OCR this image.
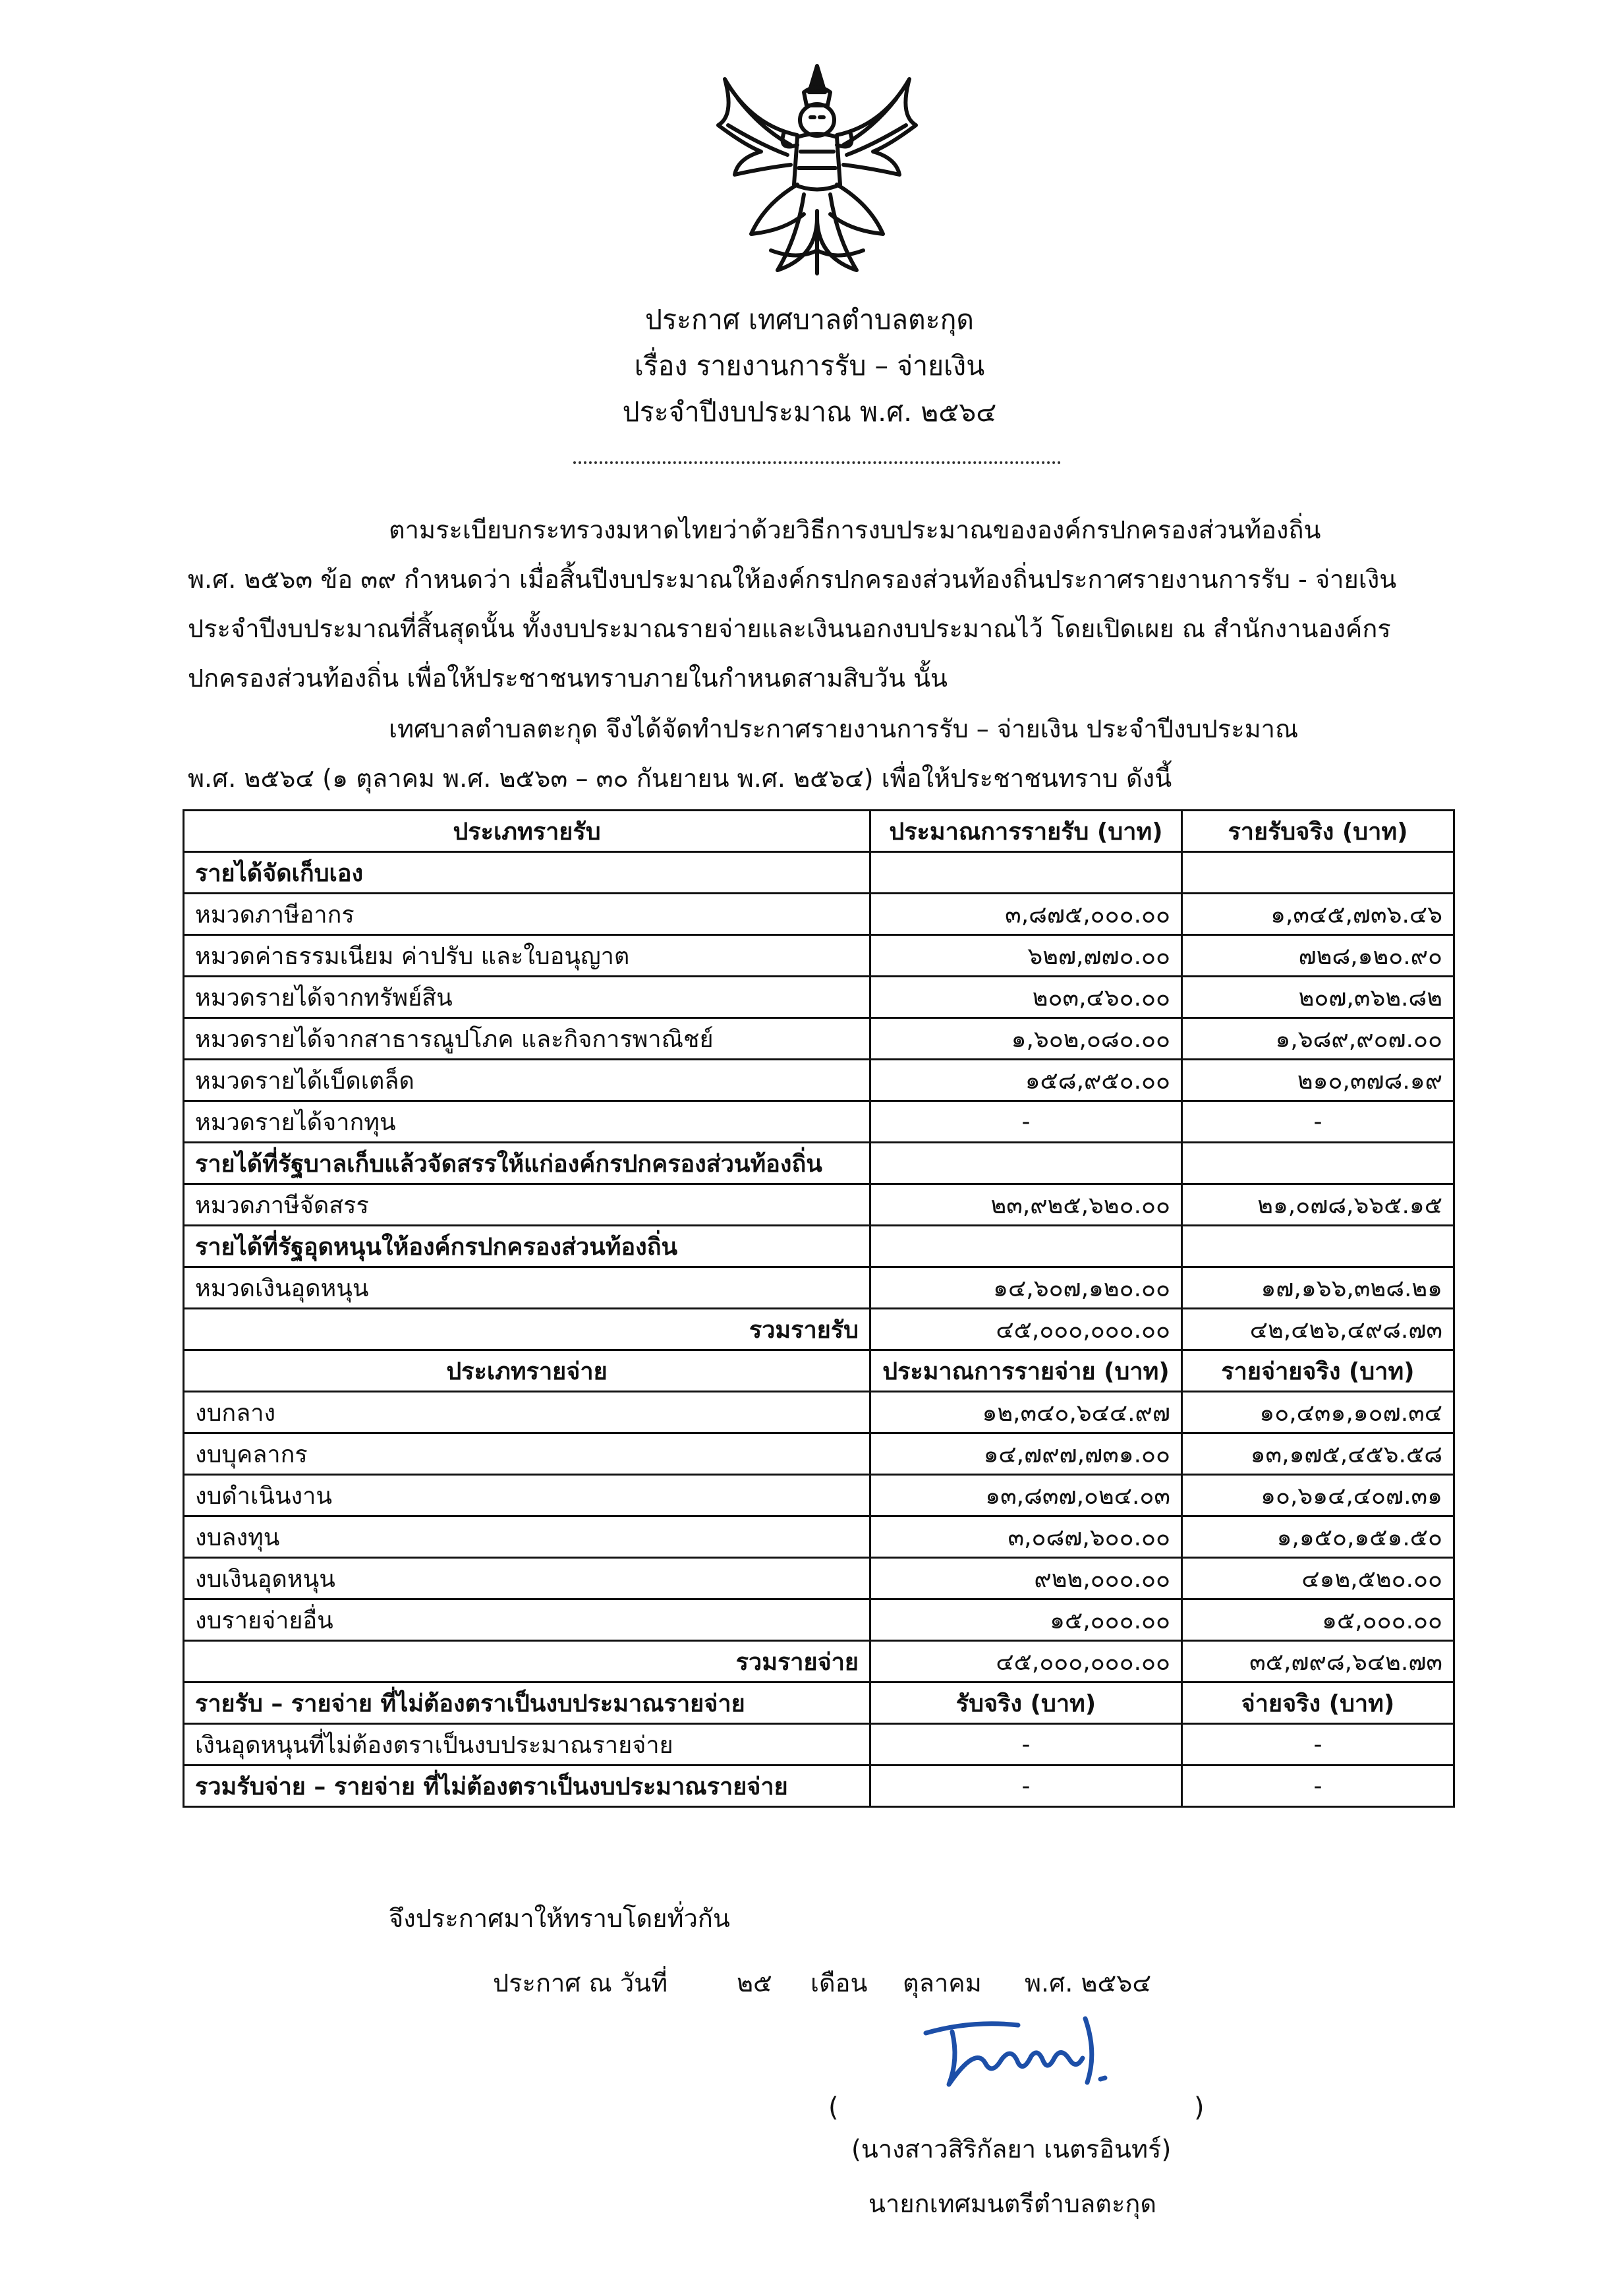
ประกาศ เทศบาลตำบลตะกุด
เรื่อง รายงานการรับ – จ่ายเงิน
ประจำปีงบประมาณ พ.ศ. ๒๕๖๔
ตามระเบียบกระทรวงมหาดไทยว่าด้วยวิธีการงบประมาณขององค์กรปกครองส่วนท้องถิ่น
พ.ศ. ๒๕๖๓ ข้อ ๓๙ กำหนดว่า เมื่อสิ้นปีงบประมาณให้องค์กรปกครองส่วนท้องถิ่นประกาศรายงานการรับ - จ่ายเงิน
ประจำปีงบประมาณที่สิ้นสุดนั้น ทั้งงบประมาณรายจ่ายและเงินนอกงบประมาณไว้ โดยเปิดเผย ณ สำนักงานองค์กร
ปกครองส่วนท้องถิ่น เพื่อให้ประชาชนทราบภายในกำหนดสามสิบวัน นั้น
เทศบาลตำบลตะกุด จึงได้จัดทำประกาศรายงานการรับ – จ่ายเงิน ประจำปีงบประมาณ
พ.ศ. ๒๕๖๔ (๑ ตุลาคม พ.ศ. ๒๕๖๓ – ๓๐ กันยายน พ.ศ. ๒๕๖๔) เพื่อให้ประชาชนทราบ ดังนี้
ประเภทรายรับ	ประมาณการรายรับ (บาท)	รายรับจริง (บาท)
รายได้จัดเก็บเอง		
หมวดภาษีอากร	๓,๘๗๕,๐๐๐.๐๐	๑,๓๔๕,๗๓๖.๔๖
หมวดค่าธรรมเนียม ค่าปรับ และใบอนุญาต	๖๒๗,๗๗๐.๐๐	๗๒๘,๑๒๐.๙๐
หมวดรายได้จากทรัพย์สิน	๒๐๓,๔๖๐.๐๐	๒๐๗,๓๖๒.๘๒
หมวดรายได้จากสาธารณูปโภค และกิจการพาณิชย์	๑,๖๐๒,๐๘๐.๐๐	๑,๖๘๙,๙๐๗.๐๐
หมวดรายได้เบ็ดเตล็ด	๑๕๘,๙๕๐.๐๐	๒๑๐,๓๗๘.๑๙
หมวดรายได้จากทุน	-	-
รายได้ที่รัฐบาลเก็บแล้วจัดสรรให้แก่องค์กรปกครองส่วนท้องถิ่น		
หมวดภาษีจัดสรร	๒๓,๙๒๕,๖๒๐.๐๐	๒๑,๐๗๘,๖๖๕.๑๕
รายได้ที่รัฐอุดหนุนให้องค์กรปกครองส่วนท้องถิ่น		
หมวดเงินอุดหนุน	๑๔,๖๐๗,๑๒๐.๐๐	๑๗,๑๖๖,๓๒๘.๒๑
รวมรายรับ	๔๕,๐๐๐,๐๐๐.๐๐	๔๒,๔๒๖,๔๙๘.๗๓
ประเภทรายจ่าย	ประมาณการรายจ่าย (บาท)	รายจ่ายจริง (บาท)
งบกลาง	๑๒,๓๔๐,๖๔๔.๙๗	๑๐,๔๓๑,๑๐๗.๓๔
งบบุคลากร	๑๔,๗๙๗,๗๓๑.๐๐	๑๓,๑๗๕,๔๕๖.๕๘
งบดำเนินงาน	๑๓,๘๓๗,๐๒๔.๐๓	๑๐,๖๑๔,๔๐๗.๓๑
งบลงทุน	๓,๐๘๗,๖๐๐.๐๐	๑,๑๕๐,๑๕๑.๕๐
งบเงินอุดหนุน	๙๒๒,๐๐๐.๐๐	๔๑๒,๕๒๐.๐๐
งบรายจ่ายอื่น	๑๕,๐๐๐.๐๐	๑๕,๐๐๐.๐๐
รวมรายจ่าย	๔๕,๐๐๐,๐๐๐.๐๐	๓๕,๗๙๘,๖๔๒.๗๓
รายรับ – รายจ่าย ที่ไม่ต้องตราเป็นงบประมาณรายจ่าย	รับจริง (บาท)	จ่ายจริง (บาท)
เงินอุดหนุนที่ไม่ต้องตราเป็นงบประมาณรายจ่าย	-	-
รวมรับจ่าย – รายจ่าย ที่ไม่ต้องตราเป็นงบประมาณรายจ่าย	-	-
จึงประกาศมาให้ทราบโดยทั่วกัน
ประกาศ ณ วันที่	๒๕ เดือน ตุลาคม พ.ศ. ๒๕๖๔
(	)
(นางสาวสิริกัลยา เนตรอินทร์)
นายกเทศมนตรีตำบลตะกุด
